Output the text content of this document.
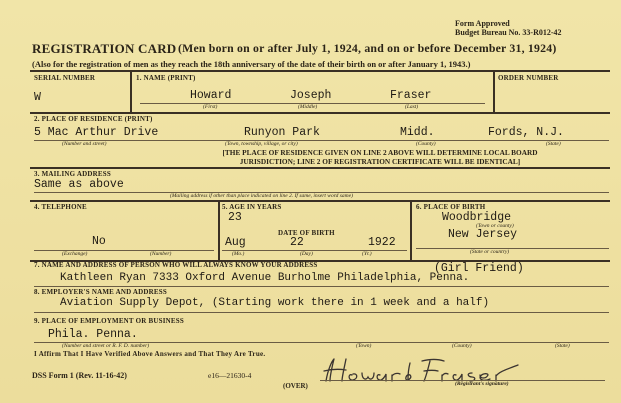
Form Approved
Budget Bureau No. 33-R012-42
REGISTRATION CARD (Men born on or after July 1, 1924, and on or before December 31, 1924)
(Also for the registration of men as they reach the 18th anniversary of the date of their birth on or after January 1, 1943.)
SERIAL NUMBER
W
1. NAME (PRINT)
Howard	Joseph	Fraser
(First)	(Middle)	(Last)
ORDER NUMBER
2. PLACE OF RESIDENCE (PRINT)
5 Mac Arthur Drive	Runyon Park	Midd.	Fords, N.J.
(Number and street)	(Town, township, village, or city)	(County)	(State)
[THE PLACE OF RESIDENCE GIVEN ON LINE 2 ABOVE WILL DETERMINE LOCAL BOARD
JURISDICTION; LINE 2 OF REGISTRATION CERTIFICATE WILL BE IDENTICAL]
3. MAILING ADDRESS
Same as above
(Mailing address if other than place indicated on line 2. If same, insert word same)
4. TELEPHONE
No
(Exchange)	(Number)
5. AGE IN YEARS
23
DATE OF BIRTH
Aug	22	1922
(Mo.)	(Day)	(Yr.)
6. PLACE OF BIRTH
Woodbridge
(Town or county)
New Jersey
(State or country)
7. NAME AND ADDRESS OF PERSON WHO WILL ALWAYS KNOW YOUR ADDRESS	(Girl Friend)
Kathleen Ryan 7333 Oxford Avenue Burholme Philadelphia, Penna.
8. EMPLOYER'S NAME AND ADDRESS
Aviation Supply Depot, (Starting work there in 1 week and a half)
9. PLACE OF EMPLOYMENT OR BUSINESS
Phila. Penna.
(Number and street or R. F. D. number)	(Town)	(County)	(State)
I Affirm That I Have Verified Above Answers and That They Are True.
(Registrant's signature)
DSS Form 1 (Rev. 11-16-42)	e16—21630-4
(OVER)
